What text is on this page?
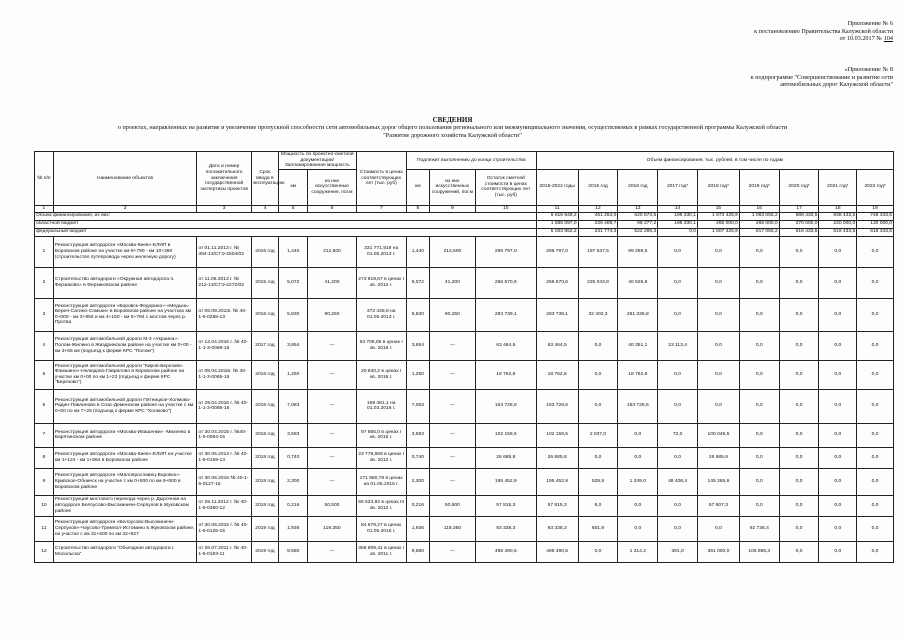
Приложение № 6
к постановлению Правительства Калужской области
от 10.03.2017 № 104
«Приложение № 8
к подпрограмме "Совершенствование и развитие сети
автомобильных дорог Калужской области"
СВЕДЕНИЯ
о проектах, направленных на развитие и увеличение пропускной способности сети автомобильных дорог общего пользования регионального или межмуниципального значения, осуществляемых в рамках государственной программы Калужской области
"Развитие дорожного хозяйства Калужской области"
№ п/п	Наименование объектов	Дата и номер положительного заключения государственной экспертизы проектов	Срок ввода в эксплуатацию	Мощность по проектно-сметной документации/ Запланированная мощность		Стоимость в ценах соответствующих лет (тыс. руб)	Подлежит выполнению до конца строительства			Объем финансирования, тыс. рублей, в том числе по годам								
				км	из них искусственные сооружения, пог.м		км	из них искусственных сооружений, пог.м	Остаток сметной стоимости в ценах соответствующих лет (тыс. руб)	2015-2022 годы	2015 год	2016 год	2017 год*	2018 год*	2019 год*	2020 год*	2021 год*	2022 год*

1	2	3	4	5	6	7	8	9	10	11	12	13	14	15	16	17	18	19
Объем финансирования, из них:										6 618 949,2	461 264,0	620 573,5	195 330,1	1 873 425,9	1 083 055,2	888 433,5	838 433,5	748 433,5
областной бюджет										1 585 097,0	229 489,7	98 277,2	195 330,1	266 000,0	266 000,0	270 000,0	220 000,0	130 000,0
федеральный бюджет										5 033 852,2	231 774,3	522 296,3	0,0	1 607 425,9	817 055,2	618 433,5	618 433,5	618 433,5
1	Реконструкция автодороги «Москва-Киев»-ЕЛИП в Боровском районе на участке км 8+790 - км 10+390 (строительство путепровода через железную дорогу)	от 01.11.2013 г. № 394-13/СГЭ-2504/02	2016 год	1,440	212,500	331 771,919 на 01.05.2013 г.	1,440	212,500	296 797,0	296 797,0	197 537,5	99 259,5	0,0	0,0	0,0	0,0	0,0	0,0
2	Строительство автодороги «Окружная автодорога п. Ферзиково» в Ферзиковском районе	от 11.06.2013 г. № 212-13/СГЭ-2272/02	2015 год	5,072	41,200	273 819,67 в ценах I кв. 2012 г.	5,072	41,200	266 570,6	266 570,6	226 043,8	40 526,8	0,0	0,0	0,0	0,0	0,0	0,0
3	Реконструкция автодороги «Боровск-Федорино»-«Медынь-Верея-Сатино-Сомьки» в Боровском районе на участках км 0+000 - км 3+950 и км 4+150 - км 5+784 с мостом через р. Протва	от 06.09.2013г. № 40-1-5-0288-13	2016 год	5,830	90,250	372 428,8 на 01.05.2013 г.	5,830	90,250	283 739,1	283 739,1	32 402,3	251 336,8	0,0	0,0	0,0	0,0	0,0	0,0
4	Реконструкция автомобильной дороги М-3 «Украина»-Полом-Жилино в Жиздринском районе на участке км 0+00 - км 3+65 км (подъезд к ферме КРС "Полом")	от 12.04.2016 г. № 40-1-1-3-0069-16	2017 год	3,654	—	63 708,05 в ценах I кв. 2016 г.	3,654	—	63 464,5	63 464,5	0,0	40 351,1	23 113,4	0,0	0,0	0,0	0,0	0,0
5	Реконструкция автомобильной дороги "Киров-Березово-Фомшино»-Нелюдово-Гаврилово в Кировском районе на участке км 0+00 по км 1+23 (подъезд к ферме КРС "Березово")	от 08.04.2016г. № 40-1-1-3-0065-16	2016 год	1,250	—	20 640,2 в ценах I кв. 2016 г.	1,250	—	18 762,8	18 762,8	0,0	18 762,8	0,0	0,0	0,0	0,0	0,0	0,0
6	Реконструкция автомобильной дороги Пятницкое-Холмово-Радин-Павлиново в Спас-Деменском районе на участке с км 0+00 по км 7+25 (подъезд к ферме КРС "Холмово")	от 29.04.2016 г. № 40-1-1-3-0086-16	2016 год	7,063	—	169 481,1 на 01.03.2016 г.	7,063	—	163 728,6	163 728,6	0,0	163 728,6	0,0	0,0	0,0	0,0	0,0	0,0
7	Реконструкция автодороги «Москва-Ивашенки» -Михеево в Барятинском районе	от 30.04.2015 г. №40-1-5-0084-15	2018 год	3,583	—	97 865,0 в ценах I кв. 2015 г.	3,583	—	102 159,5	102 159,5	2 037,0	0,0	72,0	100 049,5	0,0	0,0	0,0	0,0
8	Реконструкция автодороги «Москва-Киев»-ЕЛИП на участке км 1+124 - км 1+864 в Боровском районе	от 30.05.2013 г. № 40-1-5-0159-13	2018 год	0,740	—	23 778,659 в ценах I кв. 2012 г.	0,740	—	26 685,8	26 685,8	0,0	0,0	0,0	26 685,8	0,0	0,0	0,0	0,0
9	Реконструкция автодороги «Малоярославец-Боровск»-Кривское-Обнинск на участке с км 0+500 по км 9+000 в Боровском районе	от 30.06.2015 № 40-1-5-0127-15	2018 год	2,300	—	171 980,78 в ценах на 01.05.2015 г.	2,300	—	195 452,9	195 452,9	529,9	1 249,0	48 408,4	145 265,6	0,0	0,0	0,0	0,0
10	Реконструкция мостового перехода через р. Дырочная на автодороге Белоусово-Высокиничи-Серпухов в Жуковском районе	от 29.11.2012 г. № 40-1-5-0360-12	2018 год	0,216	50,500	55 523,82 в ценах III кв. 2012 г.	0,216	50,500	57 815,3	57 815,3	8,0	0,0	0,0	57 807,3	0,0	0,0	0,0	0,0
11	Реконструкция автодороги «Белоусово-Высокиничи-Серпухов»-Чаусово-Тремпол-Истомино в Жуковском районе, на участке с км 31+600 по км 32+927	от 30.06.2015 г. № 40-1-5-0126-15	2019 год	1,936	119,350	84 678,27 в ценах 01.05.2015 г.	1,936	119,350	93 338,3	93 338,3	601,9	0,0	0,0	0,0	92 736,4	0,0	0,0	0,0
12	Строительство автодороги "Обьездная автодороги г. Мосальска"	от 26.07.2011 г. № 40-1-5-0193-11	2019 год	9,580	—	366 809,41 в ценах I кв. 2011 г.	9,580	—	498 490,5	498 490,5	0,0	1 214,2	391,0	391 000,0	105 885,3	0,0	0,0	0,0
